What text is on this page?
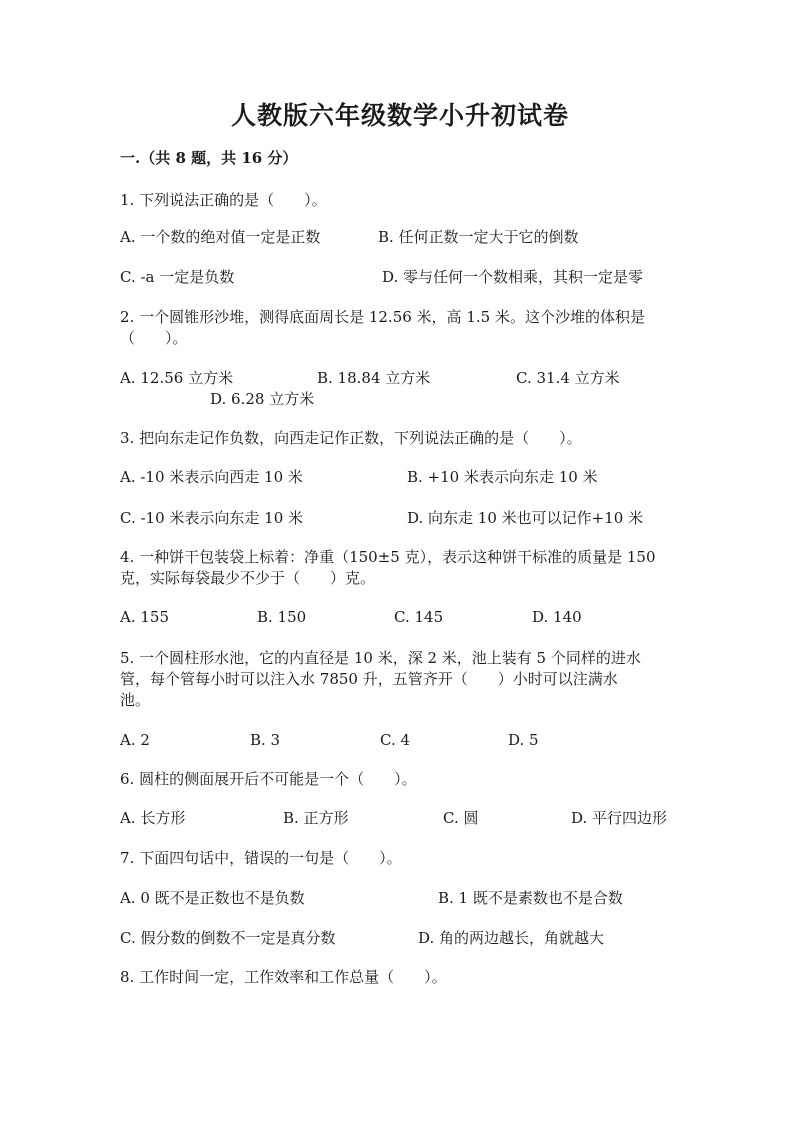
人教版六年级数学小升初试卷
一.（共 8 题，共 16 分）
1. 下列说法正确的是（　　）。
A. 一个数的绝对值一定是正数	B. 任何正数一定大于它的倒数
C. -a 一定是负数	D. 零与任何一个数相乘，其积一定是零
2. 一个圆锥形沙堆，测得底面周长是 12.56 米，高 1.5 米。这个沙堆的体积是
（　　）。
A. 12.56 立方米	B. 18.84 立方米	C. 31.4 立方米
D. 6.28 立方米
3. 把向东走记作负数，向西走记作正数，下列说法正确的是（　　）。
A. -10 米表示向西走 10 米	B. +10 米表示向东走 10 米
C. -10 米表示向东走 10 米	D. 向东走 10 米也可以记作+10 米
4. 一种饼干包装袋上标着：净重（150±5 克），表示这种饼干标准的质量是 150
克，实际每袋最少不少于（　　）克。
A. 155	B. 150	C. 145	D. 140
5. 一个圆柱形水池，它的内直径是 10 米，深 2 米，池上装有 5 个同样的进水
管，每个管每小时可以注入水 7850 升，五管齐开（　　）小时可以注满水
池。
A. 2	B. 3	C. 4	D. 5
6. 圆柱的侧面展开后不可能是一个（　　）。
A. 长方形	B. 正方形	C. 圆	D. 平行四边形
7. 下面四句话中，错误的一句是（　　）。
A. 0 既不是正数也不是负数	B. 1 既不是素数也不是合数
C. 假分数的倒数不一定是真分数	D. 角的两边越长，角就越大
8. 工作时间一定，工作效率和工作总量（　　）。
